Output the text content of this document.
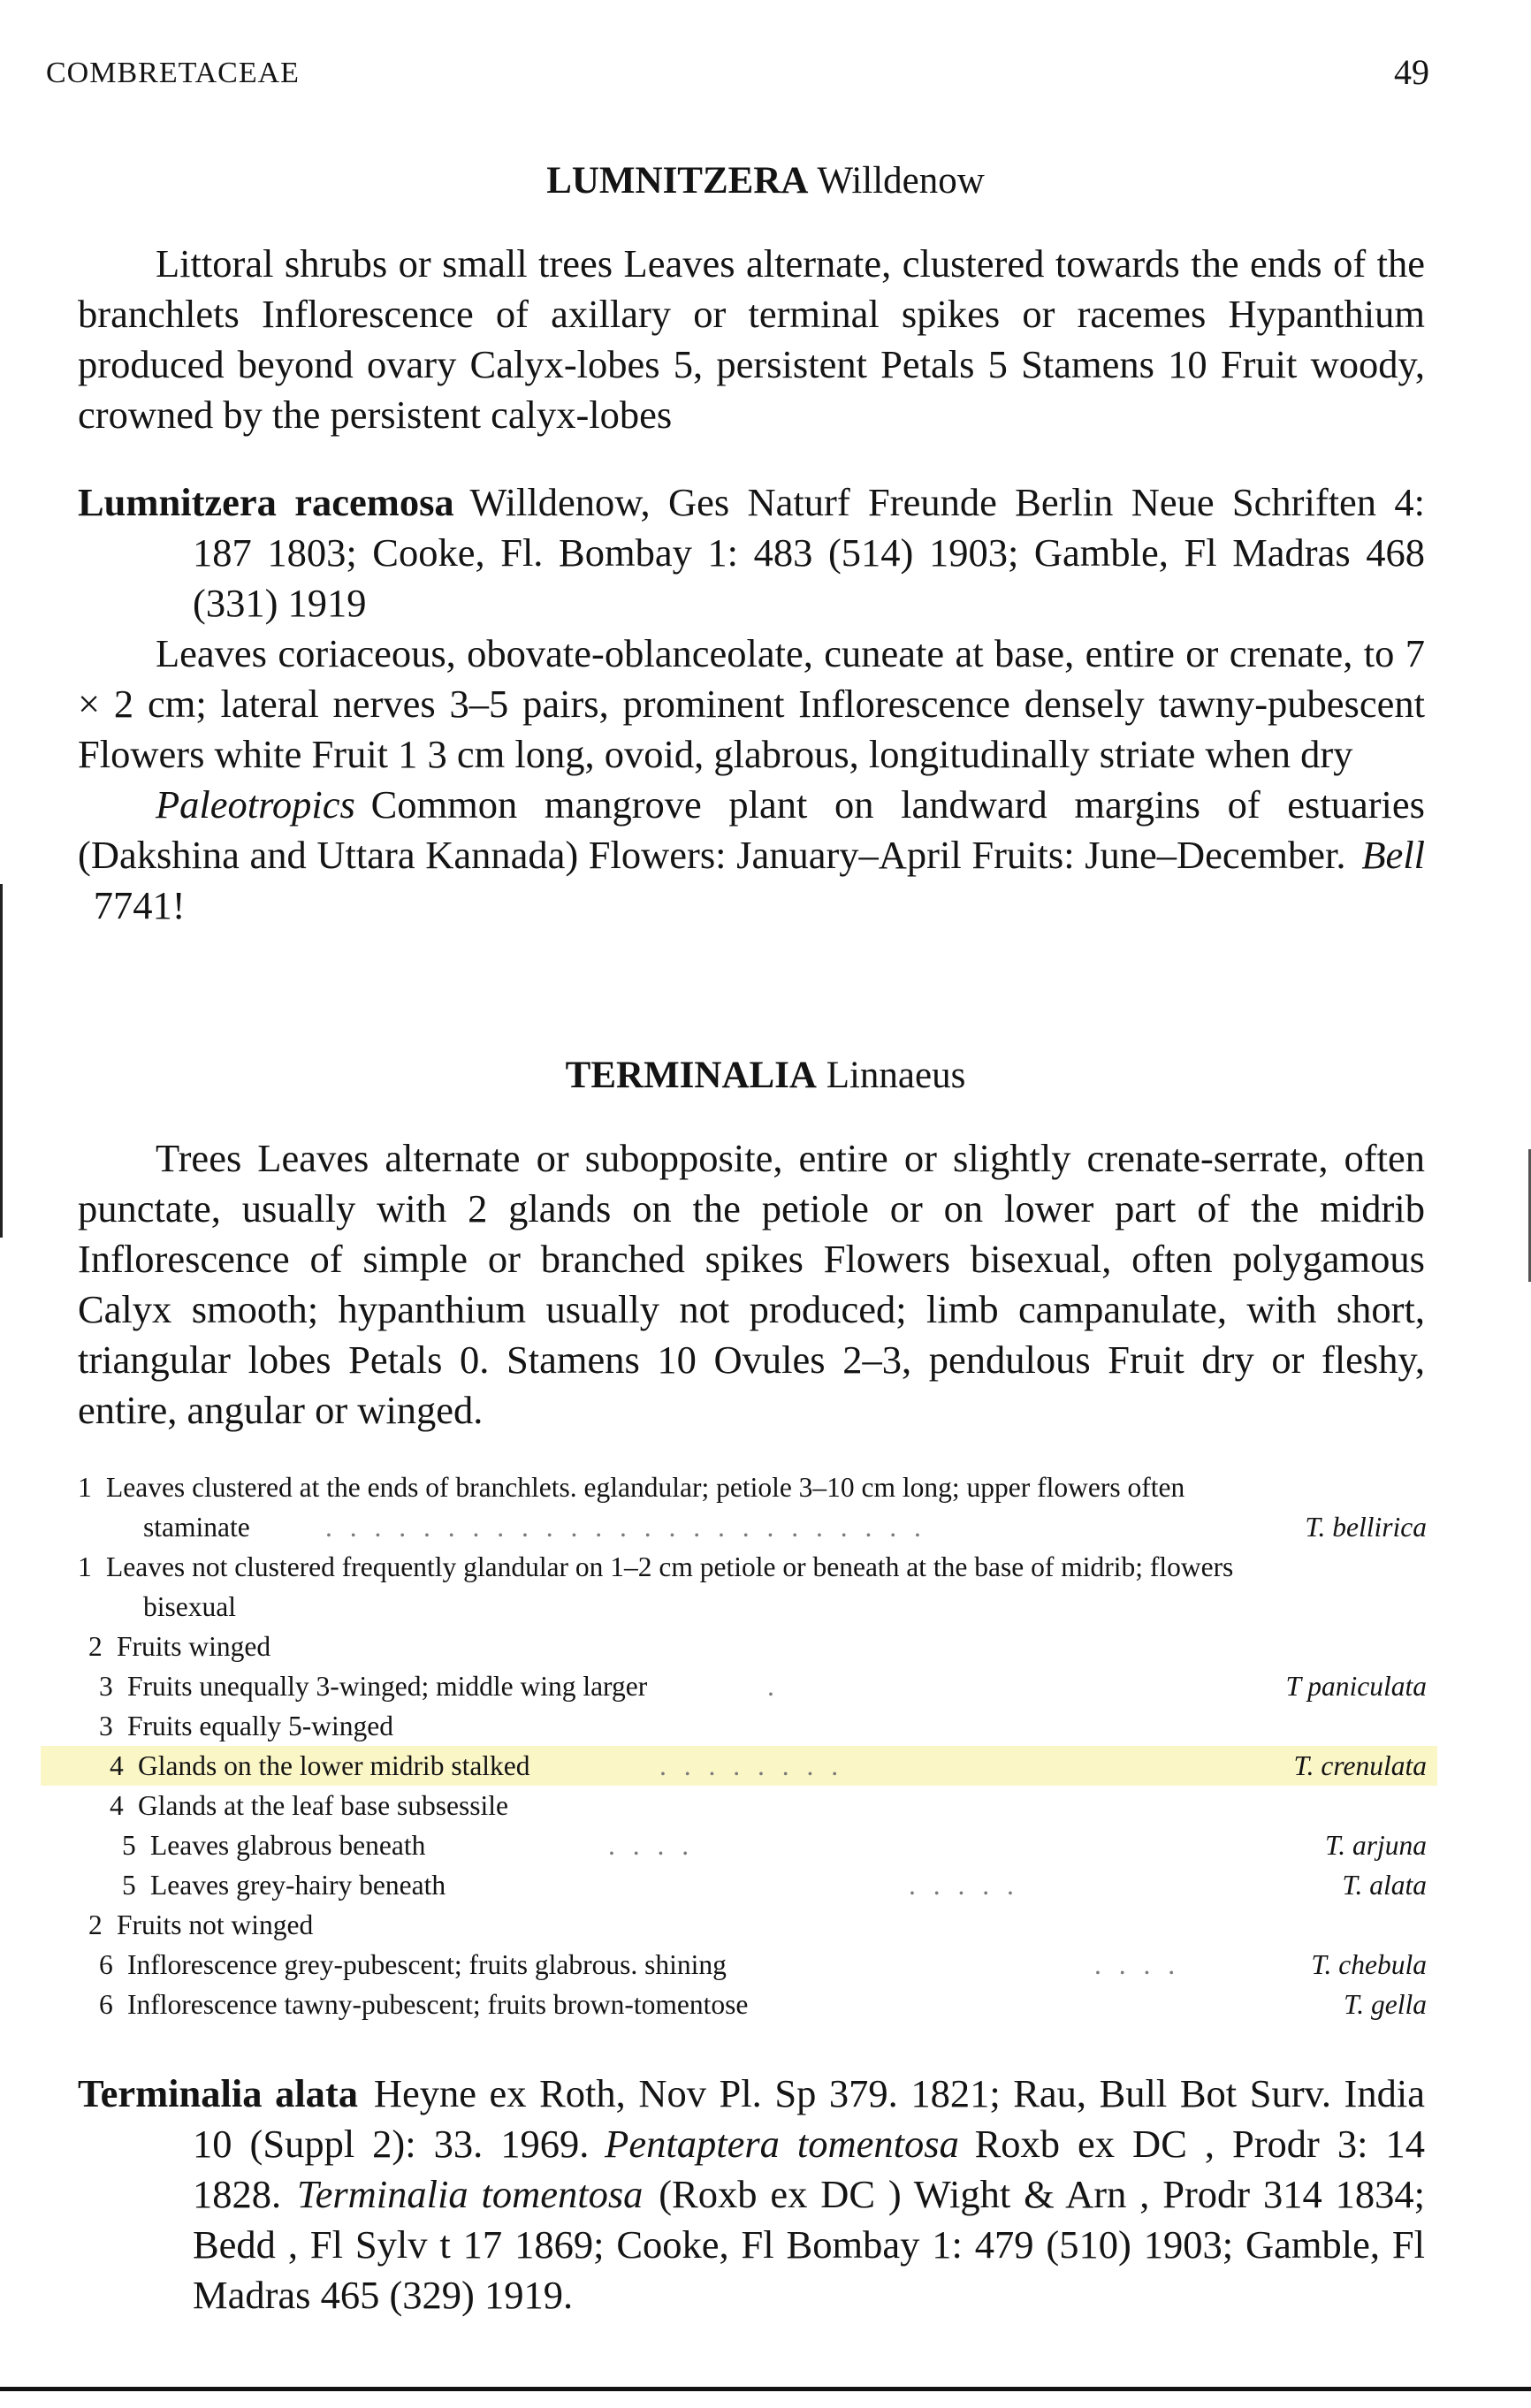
COMBRETACEAE	49
LUMNITZERA Willdenow

Littoral shrubs or small trees Leaves alternate, clustered towards the ends of the branchlets Inflorescence of axillary or terminal spikes or racemes Hypanthium produced beyond ovary Calyx-lobes 5, persistent Petals 5 Stamens 10 Fruit woody, crowned by the persistent calyx-lobes

Lumnitzera racemosa Willdenow, Ges Naturf Freunde Berlin Neue Schriften 4: 187 1803; Cooke, Fl. Bombay 1: 483 (514) 1903; Gamble, Fl Madras 468 (331) 1919

Leaves coriaceous, obovate-oblanceolate, cuneate at base, entire or crenate, to 7 × 2 cm; lateral nerves 3–5 pairs, prominent Inflorescence densely tawny-pubescent Flowers white Fruit 1 3 cm long, ovoid, glabrous, longitudinally striate when dry

Paleotropics Common mangrove plant on landward margins of estuaries (Dakshina and Uttara Kannada) Flowers: January–April Fruits: June–December. Bell7741!

TERMINALIA Linnaeus

Trees Leaves alternate or subopposite, entire or slightly crenate-serrate, often punctate, usually with 2 glands on the petiole or on lower part of the midrib Inflorescence of simple or branched spikes Flowers bisexual, often polygamous Calyx smooth; hypanthium usually not produced; limb campanulate, with short, triangular lobes Petals 0. Stamens 10 Ovules 2–3, pendulous Fruit dry or fleshy, entire, angular or winged.

1 Leaves clustered at the ends of branchlets. eglandular; petiole 3–10 cm long; upper flowers often
staminate	. . . . . . . . . . . . . . . . . . . . . . . . .	T. bellirica
1 Leaves not clustered frequently glandular on 1–2 cm petiole or beneath at the base of midrib; flowers
bisexual
2 Fruits winged
3 Fruits unequally 3-winged; middle wing larger	.	T paniculata
3 Fruits equally 5-winged
4 Glands on the lower midrib stalked	. . . . . . . .	T. crenulata
4 Glands at the leaf base subsessile
5 Leaves glabrous beneath	. . . .	T. arjuna
5 Leaves grey-hairy beneath	. . . . .	T. alata
2 Fruits not winged
6 Inflorescence grey-pubescent; fruits glabrous. shining	. . . .	T. chebula
6 Inflorescence tawny-pubescent; fruits brown-tomentose	T. gella

Terminalia alata Heyne ex Roth, Nov Pl. Sp 379. 1821; Rau, Bull Bot Surv. India 10 (Suppl 2): 33. 1969. Pentaptera tomentosa Roxb ex DC , Prodr 3: 14 1828. Terminalia tomentosa (Roxb ex DC ) Wight & Arn , Prodr 314 1834; Bedd , Fl Sylv t 17 1869; Cooke, Fl Bombay 1: 479 (510) 1903; Gamble, Fl Madras 465 (329) 1919.
